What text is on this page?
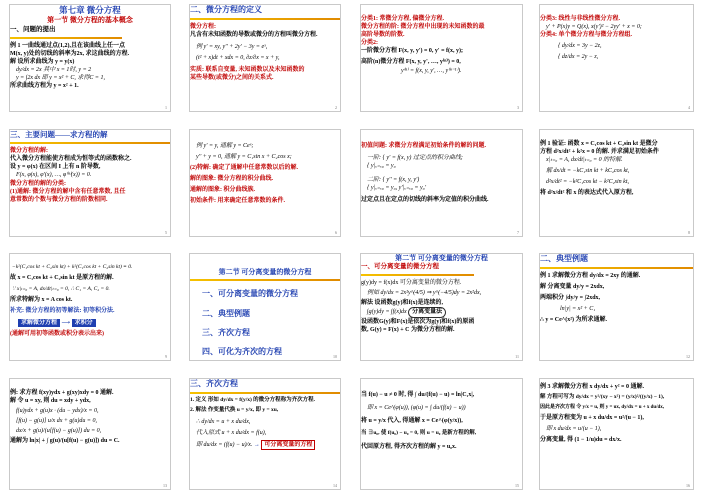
第七章 微分方程
第一节 微分方程的基本概念
一、问题的提出
例 1 一曲线通过点(1,2),且在该曲线上任一点
M(x, y)处的切线的斜率为2x, 求这曲线的方程.
解 设所求曲线为 y = y(x)
dy/dx = 2x 其中 x = 1时, y = 2
y = ∫2x dx 即 y = x² + C, 求得C = 1,
所求曲线方程为 y = x² + 1.
1
二、微分方程的定义
微分方程:
凡含有未知函数的导数或微分的方程叫微分方程.
例 y' = xy, y'' + 2y' − 3y = eˣ,
(t² + x)dt + xdx = 0, ∂z/∂x = x + y,
实质: 联系自变量, 未知函数以及未知函数的
某些导数(或微分)之间的关系式.
2
分类1: 常微分方程, 偏微分方程.
微分方程的阶: 微分方程中出现的未知函数的最
高阶导数的阶数.
分类2:
一阶微分方程 F(x, y, y') = 0, y' = f(x, y);
高阶(n)微分方程 F(x, y, y', …, y⁽ⁿ⁾) = 0,
y⁽ⁿ⁾ = f(x, y, y', …, y⁽ⁿ⁻¹⁾).
3
分类3: 线性与非线性微分方程.
y' + P(x)y = Q(x), x(y')² − 2yy' + x = 0;
分类4: 单个微分方程与微分方程组.
{ dy/dx = 3y − 2z,
{ dz/dx = 2y − z,
4
三、主要问题——求方程的解
微分方程的解:
代入微分方程能使方程成为恒等式的函数称之.
设 y = φ(x) 在区间 I 上有 n 阶导数,
F(x, φ(x), φ'(x), …, φ⁽ⁿ⁾(x)) = 0.
微分方程的解的分类:
(1)通解: 微分方程的解中含有任意常数, 且任
意常数的个数与微分方程的阶数相同.
5
例 y' = y, 通解 y = Ceˣ;
y'' + y = 0, 通解 y = C₁sin x + C₂cos x;
(2)特解: 确定了通解中任意常数以后的解.
解的图象: 微分方程的积分曲线.
通解的图象: 积分曲线族.
初始条件: 用来确定任意常数的条件.
6
初值问题: 求微分方程满足初始条件的解的问题.
一阶: { y' = f(x, y) 过定点的积分曲线;
{ y|ₓ₌ₓ₀ = y₀
二阶: { y'' = f(x, y, y')
{ y|ₓ₌ₓ₀ = y₀, y'|ₓ₌ₓ₀ = y₀'
过定点且在定点的切线的斜率为定值的积分曲线.
7
例 1 验证: 函数 x = C₁cos kt + C₂sin kt 是微分
方程 d²x/dt² + k²x = 0 的解. 并求满足初始条件
x|ₜ₌₀ = A, dx/dt|ₜ₌₀ = 0 的特解.
解 dx/dt = −kC₁sin kt + kC₂cos kt,
d²x/dt² = −k²C₁cos kt − k²C₂sin kt,
将 d²x/dt² 和 x 的表达式代入原方程,
8
−k²(C₁cos kt + C₂sin kt) + k²(C₁cos kt + C₂sin kt) ≡ 0.
故 x = C₁cos kt + C₂sin kt 是原方程的解.
∵ x|ₜ₌₀ = A, dx/dt|ₜ₌₀ = 0, ∴ C₁ = A, C₂ = 0.
所求特解为 x = A cos kt.
补充: 微分方程的初等解法: 初等积分法.
求解微分方程 ⟶ 求积分
(通解可用初等函数或积分表示出来)
9
第二节 可分离变量的微分方程
一、可分离变量的微分方程
二、典型例题
三、齐次方程
四、可化为齐次的方程
10
第二节 可分离变量的微分方程
一、可分离变量的微分方程
g(y)dy = f(x)dx 可分离变量的微分方程.
例如 dy/dx = 2x²y^(4/5) ⇒ y^(−4/5)dy = 2x²dx,
解法 设函数g(y)和f(x)是连续的,
∫g(y)dy = ∫f(x)dx 分离变量法
设函数G(y)和F(x)是依次为g(y)和f(x)的原函
数, G(y) = F(x) + C 为微分方程的解.
11
二、典型例题
例 1 求解微分方程 dy/dx = 2xy 的通解.
解 分离变量 dy/y = 2xdx,
两端积分 ∫dy/y = ∫2xdx,
ln|y| = x² + C₁
∴ y = Ce^(x²) 为所求通解.
12
例: 求方程 f(xy)ydx + g(xy)xdy = 0 通解.
解 令 u = xy, 则 du = xdy + ydx,
f(u)ydx + g(u)x · (du − ydx)/x = 0,
[f(u) − g(u)] u/x dx + g(u)du = 0,
dx/x + g(u)/(u[f(u) − g(u)]) du = 0,
通解为 ln|x| + ∫ g(u)/(u[f(u) − g(u)]) du = C.
13
三、齐次方程
1. 定义 形如 dy/dx = f(y/x) 的微分方程称为齐次方程.
2. 解法 作变量代换 u = y/x, 即 y = xu,
∴ dy/dx = u + x du/dx,
代入原式 u + x du/dx = f(u),
即 du/dx = (f(u) − u)/x. → 可分离变量的方程
14
当 f(u) − u ≠ 0 时, 得 ∫ du/(f(u) − u) = ln|C₁x|,
即 x = Ce^(φ(u)), (φ(u) = ∫ du/(f(u) − u))
将 u = y/x 代入, 得通解 x = Ce^(φ(y/x)),
当 ∃u₀, 使 f(u₀) − u₀ = 0, 则 u = u₀ 是新方程的解,
代回原方程, 得齐次方程的解 y = u₀x.
15
例 3 求解微分方程 x dy/dx + y² = 0 通解.
解 方程可写为 dy/dx = y²/(xy − x²) = (y/x)²/((y/x) − 1),
因此是齐次方程 令 y/x = u, 则 y = ux, dy/dx = u + x du/dx,
于是原方程变为 u + x du/dx = u²/(u − 1),
即 x du/dx = u/(u − 1),
分离变量, 得 (1 − 1/u)du = dx/x.
16
